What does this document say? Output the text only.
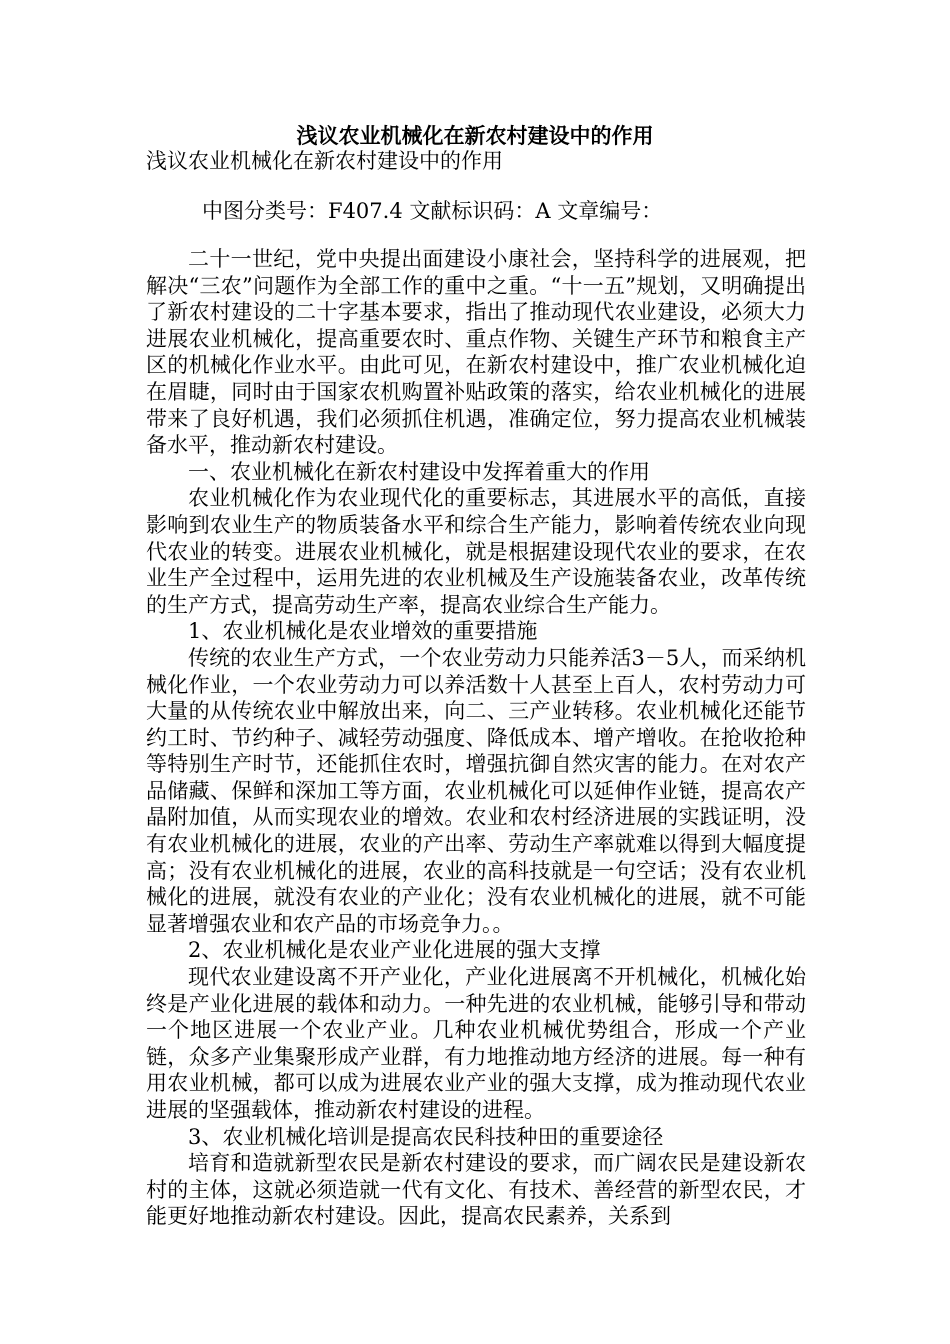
浅议农业机械化在新农村建设中的作用
浅议农业机械化在新农村建设中的作用
中图分类号：F407.4 文献标识码：A 文章编号：

二十一世纪，党中央提出面建设小康社会，坚持科学的进展观，把解决“三农”问题作为全部工作的重中之重。“十一五”规划，又明确提出了新农村建设的二十字基本要求，指出了推动现代农业建设，必须大力进展农业机械化，提高重要农时、重点作物、关键生产环节和粮食主产区的机械化作业水平。由此可见，在新农村建设中，推广农业机械化迫在眉睫，同时由于国家农机购置补贴政策的落实，给农业机械化的进展带来了良好机遇，我们必须抓住机遇，准确定位，努力提高农业机械装备水平，推动新农村建设。

一、农业机械化在新农村建设中发挥着重大的作用

农业机械化作为农业现代化的重要标志，其进展水平的高低，直接影响到农业生产的物质装备水平和综合生产能力，影响着传统农业向现代农业的转变。进展农业机械化，就是根据建设现代农业的要求，在农业生产全过程中，运用先进的农业机械及生产设施装备农业，改革传统的生产方式，提高劳动生产率，提高农业综合生产能力。

1、农业机械化是农业增效的重要措施

传统的农业生产方式，一个农业劳动力只能养活3－5人，而采纳机械化作业，一个农业劳动力可以养活数十人甚至上百人，农村劳动力可大量的从传统农业中解放出来，向二、三产业转移。农业机械化还能节约工时、节约种子、减轻劳动强度、降低成本、增产增收。在抢收抢种等特别生产时节，还能抓住农时，增强抗御自然灾害的能力。在对农产品储藏、保鲜和深加工等方面，农业机械化可以延伸作业链，提高农产晶附加值，从而实现农业的增效。农业和农村经济进展的实践证明，没有农业机械化的进展，农业的产出率、劳动生产率就难以得到大幅度提高；没有农业机械化的进展，农业的高科技就是一句空话；没有农业机械化的进展，就没有农业的产业化；没有农业机械化的进展，就不可能显著增强农业和农产品的市场竞争力。。

2、农业机械化是农业产业化进展的强大支撑

现代农业建设离不开产业化，产业化进展离不开机械化，机械化始终是产业化进展的载体和动力。一种先进的农业机械，能够引导和带动一个地区进展一个农业产业。几种农业机械优势组合，形成一个产业链，众多产业集聚形成产业群，有力地推动地方经济的进展。每一种有用农业机械，都可以成为进展农业产业的强大支撑，成为推动现代农业进展的坚强载体，推动新农村建设的进程。

3、农业机械化培训是提高农民科技种田的重要途径

培育和造就新型农民是新农村建设的要求，而广阔农民是建设新农村的主体，这就必须造就一代有文化、有技术、善经营的新型农民，才能更好地推动新农村建设。因此，提高农民素养，关系到
